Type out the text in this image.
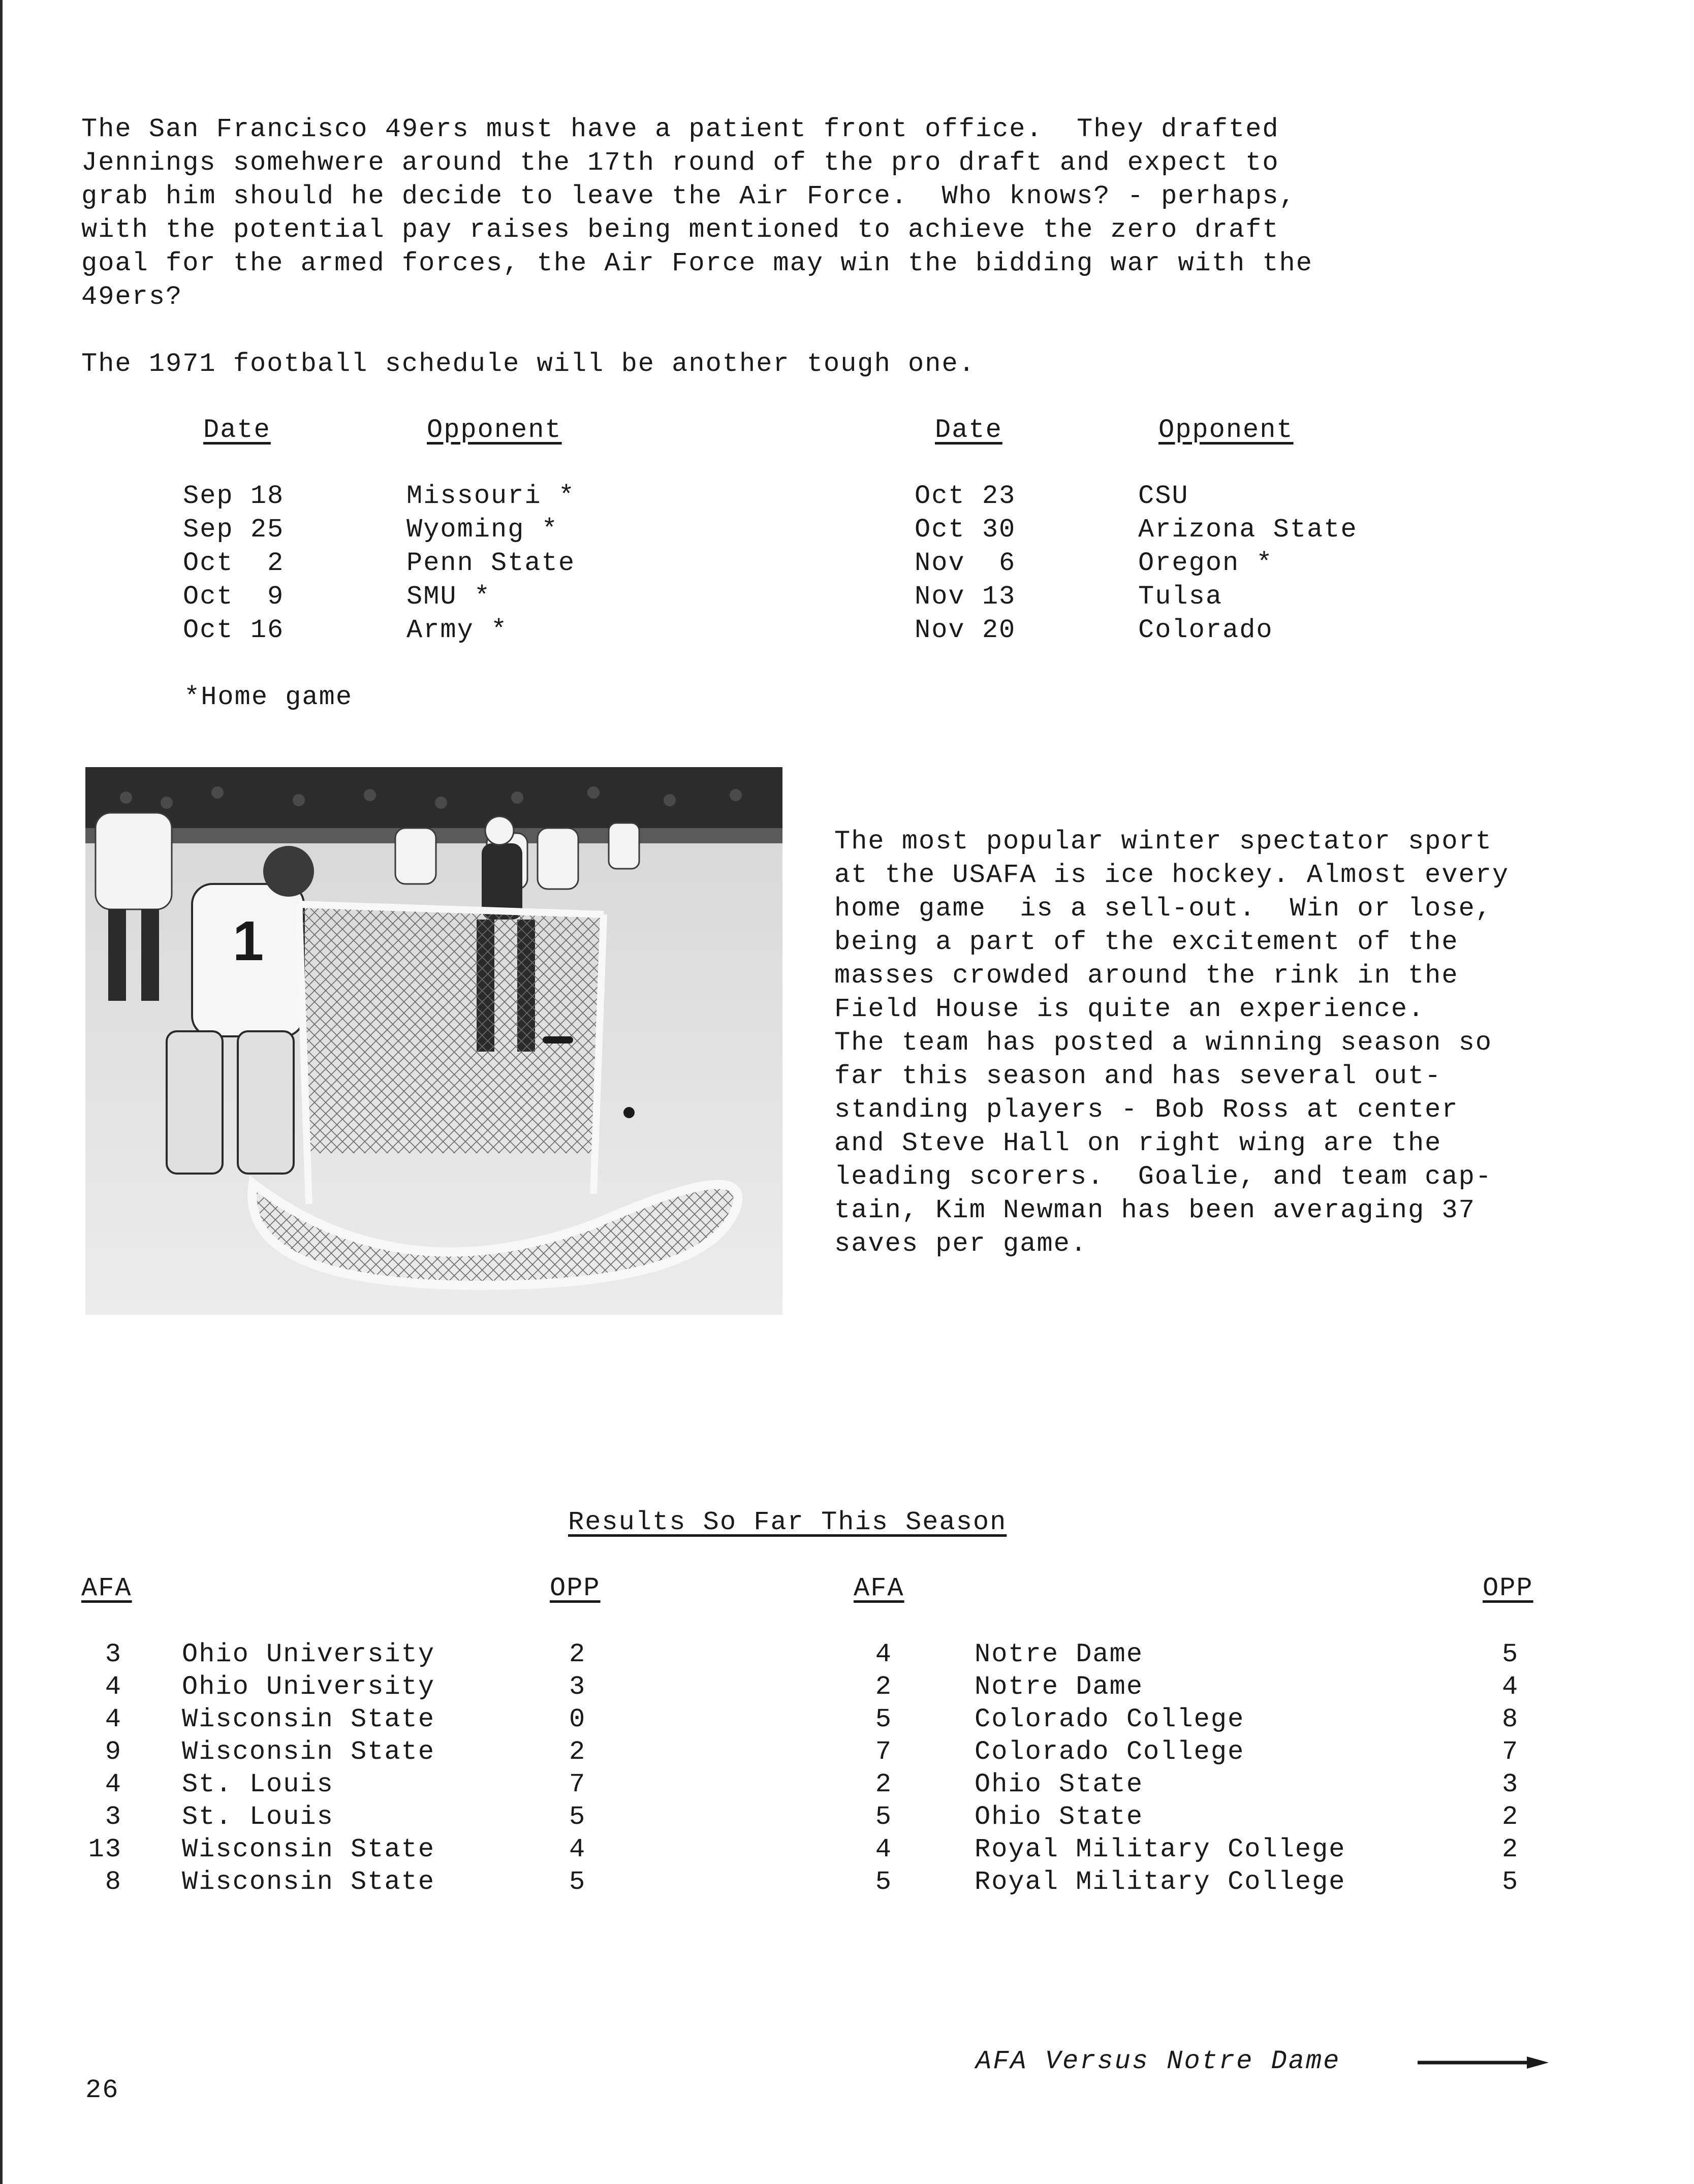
The San Francisco 49ers must have a patient front office.  They drafted
Jennings somehwere around the 17th round of the pro draft and expect to
grab him should he decide to leave the Air Force.  Who knows? - perhaps,
with the potential pay raises being mentioned to achieve the zero draft
goal for the armed forces, the Air Force may win the bidding war with the
49ers?
The 1971 football schedule will be another tough one.
Date	Opponent	Date	Opponent
Sep 18	Missouri *
Sep 25	Wyoming *
Oct  2	Penn State
Oct  9	SMU *
Oct 16	Army *
Oct 23	CSU
Oct 30	Arizona State
Nov  6	Oregon *
Nov 13	Tulsa
Nov 20	Colorado
*Home game
1
The most popular winter spectator sport
at the USAFA is ice hockey. Almost every
home game  is a sell-out.  Win or lose,
being a part of the excitement of the
masses crowded around the rink in the
Field House is quite an experience.
The team has posted a winning season so
far this season and has several out-
standing players - Bob Ross at center
and Steve Hall on right wing are the
leading scorers.  Goalie, and team cap-
tain, Kim Newman has been averaging 37
saves per game.
Results So Far This Season
AFA	OPP	AFA	OPP
3 Ohio University	2
4 Ohio University	3
4 Wisconsin State	0
9 Wisconsin State	2
4 St. Louis	7
3 St. Louis	5
13 Wisconsin State	4
8 Wisconsin State	5
4	Notre Dame	5
2	Notre Dame	4
5	Colorado College	8
7	Colorado College	7
2	Ohio State	3
5	Ohio State	2
4	Royal Military College	2
5	Royal Military College	5
AFA Versus Notre Dame
26
